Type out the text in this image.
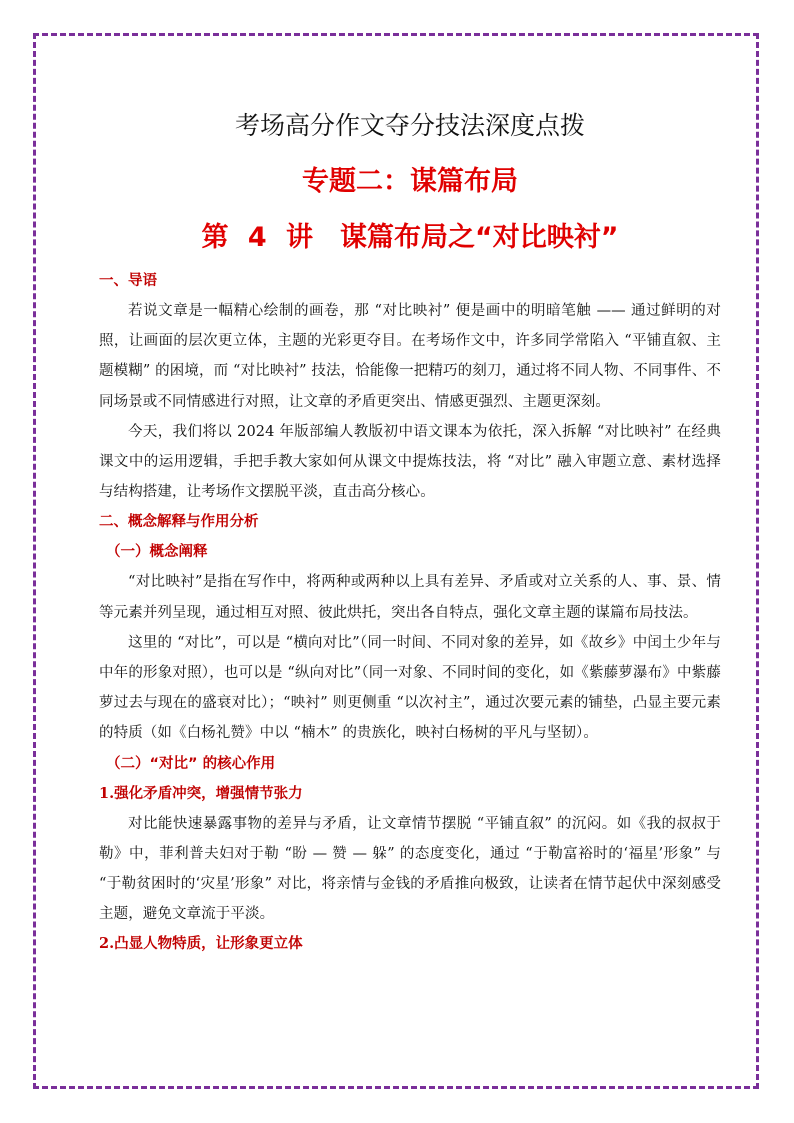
考场高分作文夺分技法深度点拨
专题二：谋篇布局
第 4 讲　谋篇布局之“对比映衬”
一、导语

若说文章是一幅精心绘制的画卷，那 “对比映衬” 便是画中的明暗笔触 —— 通过鲜明的对照，让画面的层次更立体，主题的光彩更夺目。在考场作文中，许多同学常陷入 “平铺直叙、主题模糊” 的困境，而 “对比映衬” 技法，恰能像一把精巧的刻刀，通过将不同人物、不同事件、不同场景或不同情感进行对照，让文章的矛盾更突出、情感更强烈、主题更深刻。

今天，我们将以 2024 年版部编人教版初中语文课本为依托，深入拆解 “对比映衬” 在经典课文中的运用逻辑，手把手教大家如何从课文中提炼技法，将 “对比” 融入审题立意、素材选择与结构搭建，让考场作文摆脱平淡，直击高分核心。

二、概念解释与作用分析
（一）概念阐释

“对比映衬”是指在写作中，将两种或两种以上具有差异、矛盾或对立关系的人、事、景、情等元素并列呈现，通过相互对照、彼此烘托，突出各自特点，强化文章主题的谋篇布局技法。

这里的 “对比”，可以是 “横向对比”（同一时间、不同对象的差异，如《故乡》中闰土少年与中年的形象对照），也可以是 “纵向对比”（同一对象、不同时间的变化，如《紫藤萝瀑布》中紫藤萝过去与现在的盛衰对比）；“映衬” 则更侧重 “以次衬主”，通过次要元素的铺垫，凸显主要元素的特质（如《白杨礼赞》中以 “楠木” 的贵族化，映衬白杨树的平凡与坚韧）。

（二）“对比” 的核心作用
1.强化矛盾冲突，增强情节张力

对比能快速暴露事物的差异与矛盾，让文章情节摆脱 “平铺直叙” 的沉闷。如《我的叔叔于勒》中，菲利普夫妇对于勒 “盼 — 赞 — 躲” 的态度变化，通过 “于勒富裕时的‘福星’形象” 与 “于勒贫困时的‘灾星’形象” 对比，将亲情与金钱的矛盾推向极致，让读者在情节起伏中深刻感受主题，避免文章流于平淡。

2.凸显人物特质，让形象更立体
